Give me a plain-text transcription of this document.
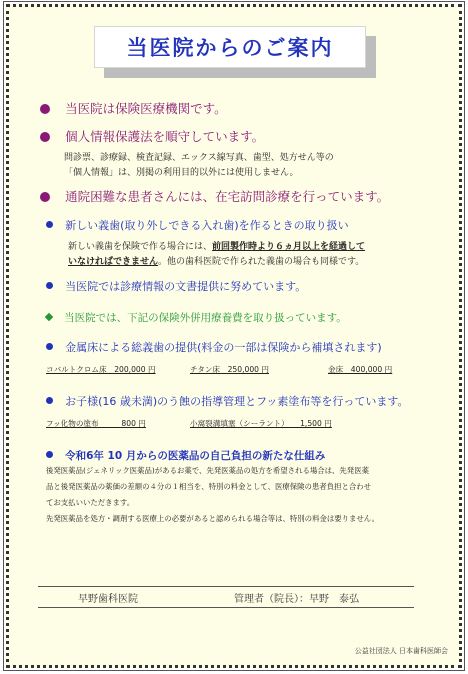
当医院からのご案内
当医院は保険医療機関です。
個人情報保護法を順守しています。
問診票、診療録、検査記録、エックス線写真、歯型、処方せん等の
「個人情報」は、別掲の利用目的以外には使用しません。
通院困難な患者さんには、在宅訪問診療を行っています。
新しい義歯(取り外しできる入れ歯)を作るときの取り扱い
新しい義歯を保険で作る場合には、前回製作時より６ヵ月以上を経過して
いなければできません。他の歯科医院で作られた義歯の場合も同様です。
当医院では診療情報の文書提供に努めています。
当医院では、下記の保険外併用療養費を取り扱っています。
金属床による総義歯の提供(料金の一部は保険から補填されます)
コバルトクロム床　200,000 円	チタン床　250,000 円	金床　400,000 円
お子様(16 歳未満)のう蝕の指導管理とフッ素塗布等を行っています。
フッ化物の塗布　　　800 円	小窩裂溝填塞（シーラント）　　1,500 円
令和6年 10 月からの医薬品の自己負担の新たな仕組み
後発医薬品(ジェネリック医薬品)があるお薬で、先発医薬品の処方を希望される場合は、先発医薬
品と後発医薬品の薬価の差額の４分の１相当を、特別の料金として、医療保険の患者負担と合わせ
てお支払いいただきます。
先発医薬品を処方・調剤する医療上の必要があると認められる場合等は、特別の料金は要りません。
早野歯科医院	管理者（院長）：早野　泰弘
公益社団法人 日本歯科医師会
